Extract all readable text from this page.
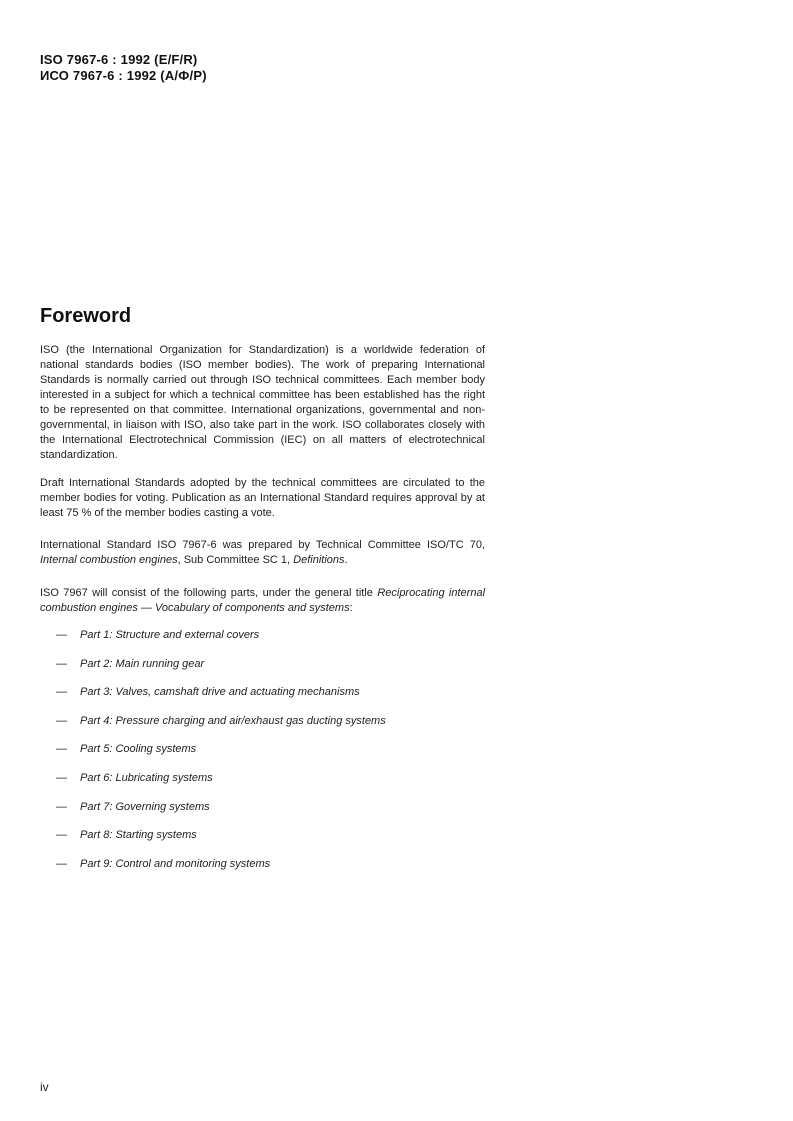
ISO 7967-6 : 1992 (E/F/R)
ИСО 7967-6 : 1992 (А/Ф/Р)
Foreword

ISO (the International Organization for Standardization) is a worldwide federation of national standards bodies (ISO member bodies). The work of preparing International Standards is normally carried out through ISO technical committees. Each member body interested in a subject for which a technical committee has been established has the right to be represented on that committee. International organizations, governmental and non-governmental, in liaison with ISO, also take part in the work. ISO collaborates closely with the International Electrotechnical Commission (IEC) on all matters of electrotechnical standardization.

Draft International Standards adopted by the technical committees are circulated to the member bodies for voting. Publication as an International Standard requires approval by at least 75 % of the member bodies casting a vote.

International Standard ISO 7967-6 was prepared by Technical Committee ISO/TC 70, Internal combustion engines, Sub Committee SC 1, Definitions.

ISO 7967 will consist of the following parts, under the general title Reciprocating internal combustion engines — Vocabulary of components and systems:

— Part 1: Structure and external covers
— Part 2: Main running gear
— Part 3: Valves, camshaft drive and actuating mechanisms
— Part 4: Pressure charging and air/exhaust gas ducting systems
— Part 5: Cooling systems
— Part 6: Lubricating systems
— Part 7: Governing systems
— Part 8: Starting systems
— Part 9: Control and monitoring systems
iv
